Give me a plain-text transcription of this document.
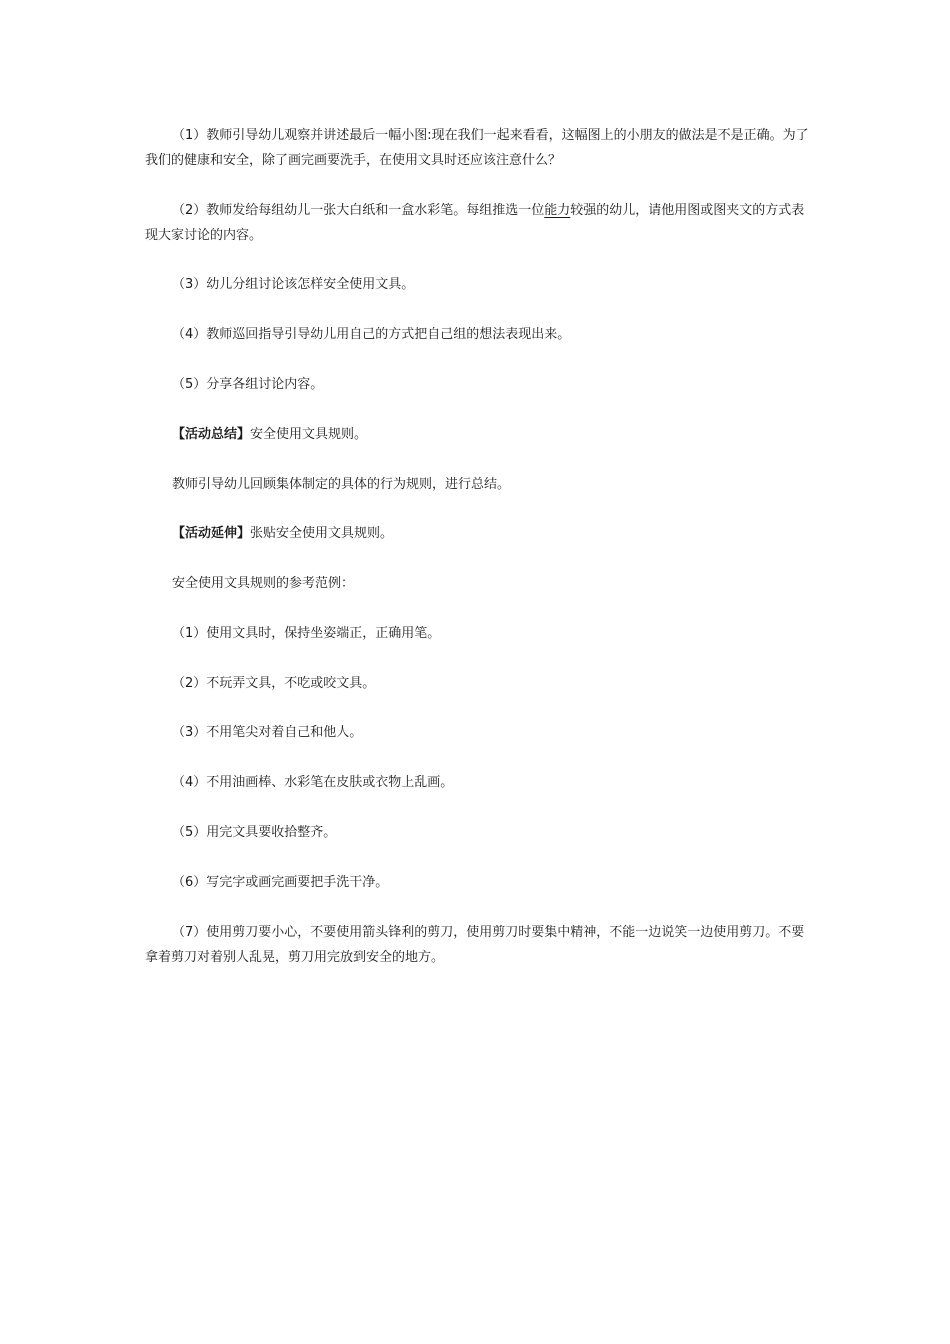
（1）教师引导幼儿观察并讲述最后一幅小图:现在我们一起来看看，这幅图上的小朋友的做法是不是正确。为了我们的健康和安全，除了画完画要洗手，在使用文具时还应该注意什么？

（2）教师发给每组幼儿一张大白纸和一盒水彩笔。每组推选一位能力较强的幼儿，请他用图或图夹文的方式表现大家讨论的内容。

（3）幼儿分组讨论该怎样安全使用文具。

（4）教师巡回指导引导幼儿用自己的方式把自己组的想法表现出来。

（5）分享各组讨论内容。

【活动总结】安全使用文具规则。

教师引导幼儿回顾集体制定的具体的行为规则，进行总结。

【活动延伸】张贴安全使用文具规则。

安全使用文具规则的参考范例：

（1）使用文具时，保持坐姿端正，正确用笔。

（2）不玩弄文具，不吃或咬文具。

（3）不用笔尖对着自己和他人。

（4）不用油画棒、水彩笔在皮肤或衣物上乱画。

（5）用完文具要收拾整齐。

（6）写完字或画完画要把手洗干净。

（7）使用剪刀要小心，不要使用箭头锋利的剪刀，使用剪刀时要集中精神，不能一边说笑一边使用剪刀。不要拿着剪刀对着别人乱晃，剪刀用完放到安全的地方。
